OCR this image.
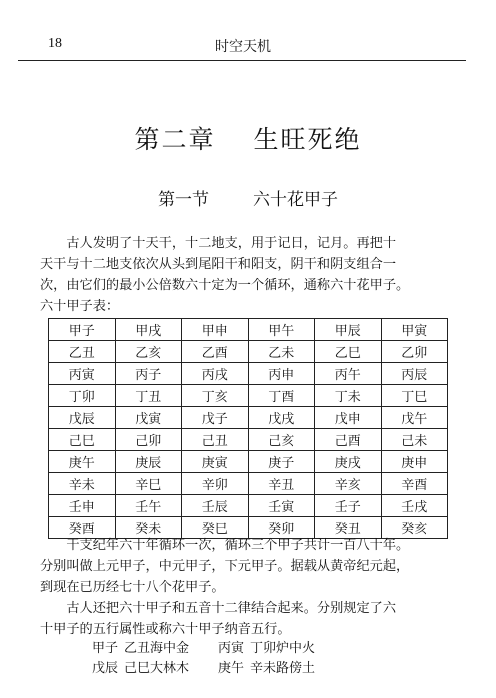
18	时空天机
第二章 生旺死绝
第一节	六十花甲子

　　古人发明了十天干，十二地支，用于记日，记月。再把十
天干与十二地支依次从头到尾阳干和阳支，阴干和阴支组合一
次，由它们的最小公倍数六十定为一个循环，通称六十花甲子。
六十甲子表：

甲子	甲戌	甲申	甲午	甲辰	甲寅
乙丑	乙亥	乙酉	乙未	乙巳	乙卯
丙寅	丙子	丙戌	丙申	丙午	丙辰
丁卯	丁丑	丁亥	丁酉	丁未	丁巳
戊辰	戊寅	戊子	戊戌	戊申	戊午
己巳	己卯	己丑	己亥	己酉	己未
庚午	庚辰	庚寅	庚子	庚戌	庚申
辛未	辛巳	辛卯	辛丑	辛亥	辛酉
壬申	壬午	壬辰	壬寅	壬子	壬戌
癸酉	癸未	癸巳	癸卯	癸丑	癸亥

　　干支纪年六十年循环一次，循环三个甲子共计一百八十年。
分别叫做上元甲子，中元甲子，下元甲子。据载从黄帝纪元起，
到现在已历经七十八个花甲子。

　　古人还把六十甲子和五音十二律结合起来。分别规定了六
十甲子的五行属性或称六十甲子纳音五行。

甲子 乙丑海中金 丙寅 丁卯炉中火
戊辰 己巳大林木 庚午 辛未路傍土
